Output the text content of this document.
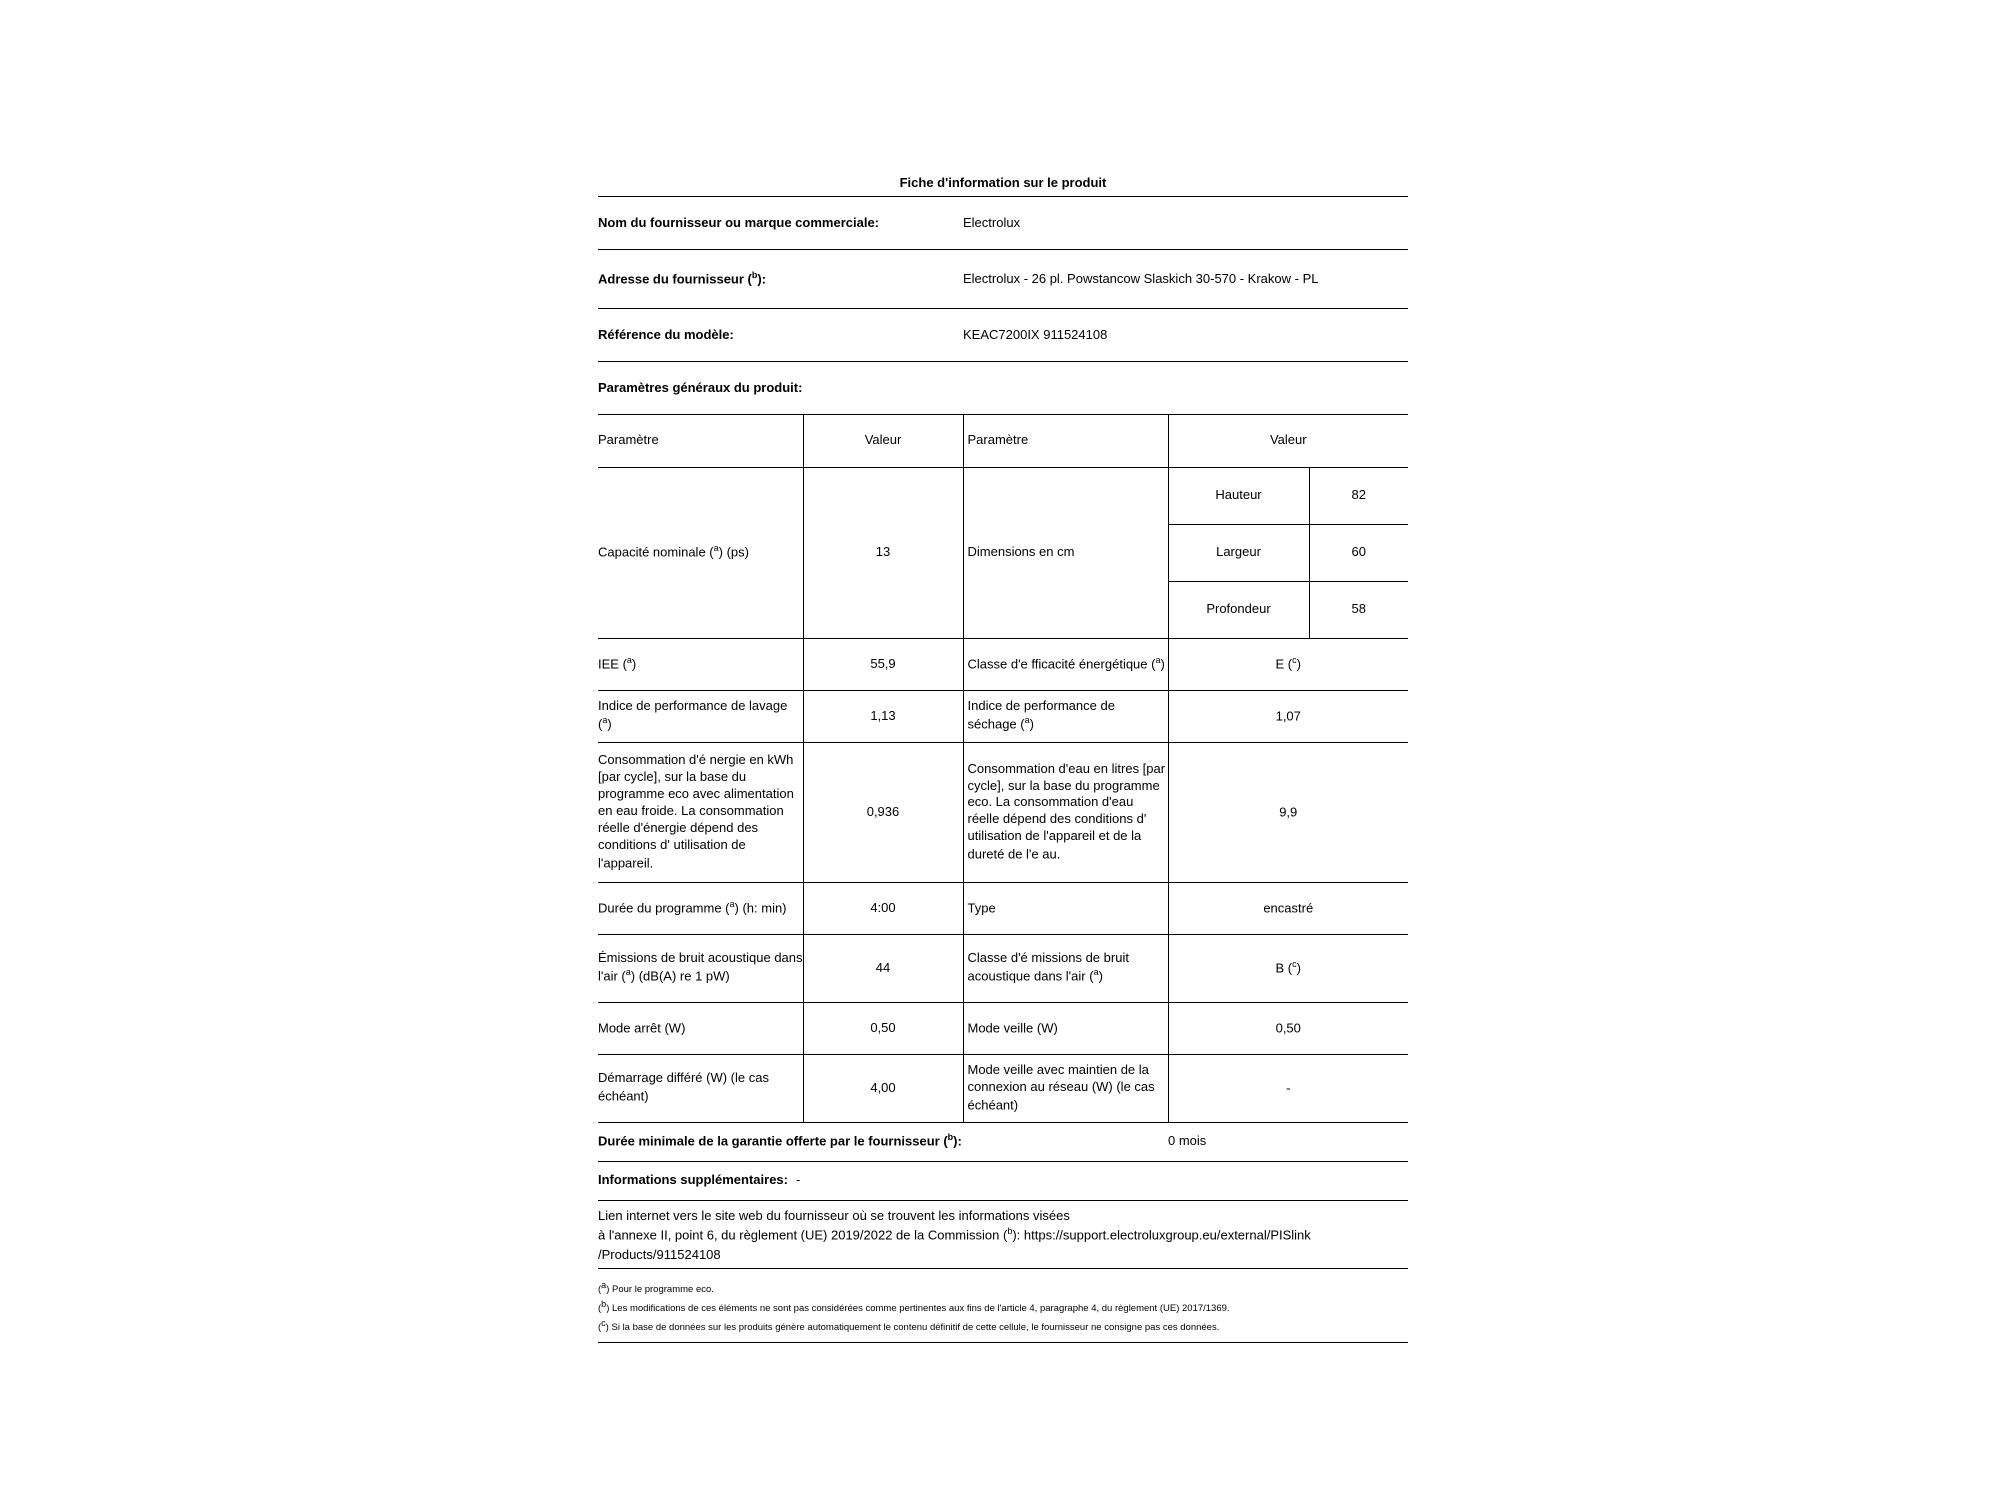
Fiche d'information sur le produit
Nom du fournisseur ou marque commerciale:	Electrolux
Adresse du fournisseur ($^b$):	Electrolux - 26 pl. Powstancow Slaskich 30-570 - Krakow - PL
Référence du modèle:	KEAC7200IX 911524108
Paramètres généraux du produit:
Paramètre	Valeur	Paramètre	Valeur
Capacité nominale ($^a$) (ps)	13	Dimensions en cm	
Hauteur	82
Largeur	60
Profondeur	58

IEE ($^a$)	55,9	Classe d'e fficacité énergétique ($^a$)	E ($^c$)
Indice de performance de lavage ($^a$)	1,13	Indice de performance de séchage ($^a$)	1,07
Consommation d'é nergie en kWh [par cycle], sur la base du programme eco avec alimentation en eau froide. La consommation réelle d'énergie dépend des conditions d' utilisation de l'appareil.	0,936	Consommation d'eau en litres [par cycle], sur la base du programme eco. La consommation d'eau réelle dépend des conditions d' utilisation de l'appareil et de la dureté de l'e au.	9,9
Durée du programme ($^a$) (h: min)	4:00	Type	encastré
Émissions de bruit acoustique dans l'air ($^a$) (dB(A) re 1 pW)	44	Classe d'é missions de bruit acoustique dans l'air ($^a$)	B ($^c$)
Mode arrêt (W)	0,50	Mode veille (W)	0,50
Démarrage différé (W) (le cas échéant)	4,00	Mode veille avec maintien de la connexion au réseau (W) (le cas échéant)	-
Durée minimale de la garantie offerte par le fournisseur ($^b$):	0 mois
Informations supplémentaires: -
Lien internet vers le site web du fournisseur où se trouvent les informations visées
à l'annexe II, point 6, du règlement (UE) 2019/2022 de la Commission ($^b$): https://support.electroluxgroup.eu/external/PISlink
/Products/911524108
($^a$) Pour le programme eco.
($^b$) Les modifications de ces éléments ne sont pas considérées comme pertinentes aux fins de l'article 4, paragraphe 4, du règlement (UE) 2017/1369.
($^c$) Si la base de données sur les produits génère automatiquement le contenu définitif de cette cellule, le fournisseur ne consigne pas ces données.
